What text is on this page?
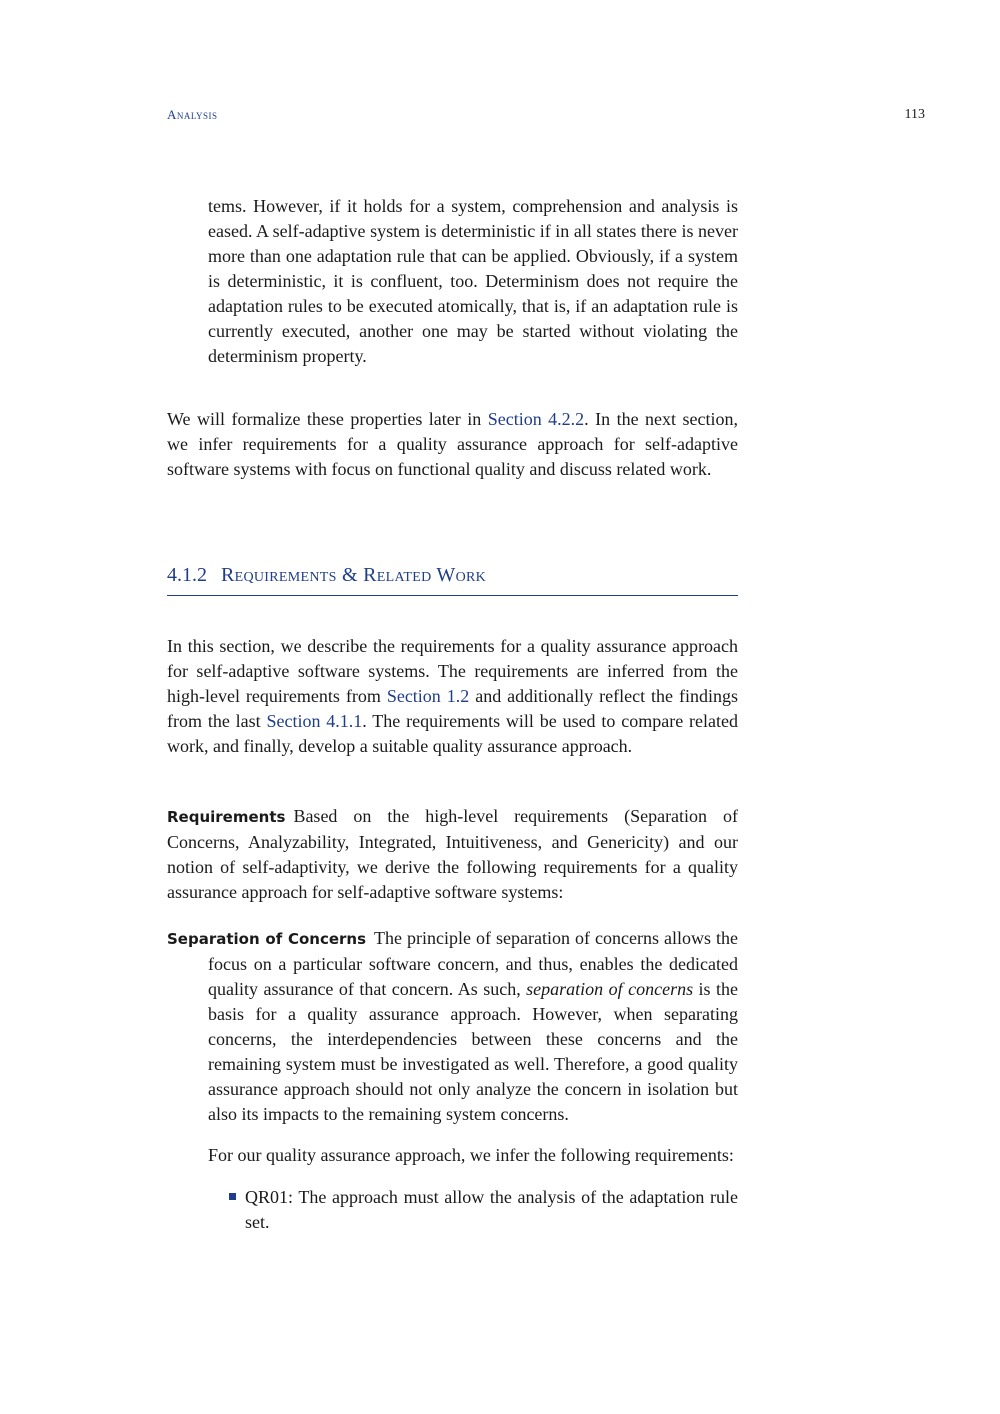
Analysis	113

tems. However, if it holds for a system, comprehension and analysis is eased. A self-adaptive system is deterministic if in all states there is never more than one adaptation rule that can be applied. Obviously, if a system is deterministic, it is confluent, too. Determinism does not require the adaptation rules to be executed atomically, that is, if an adaptation rule is currently executed, another one may be started without violating the determinism property.

We will formalize these properties later in Section 4.2.2. In the next section, we infer requirements for a quality assurance approach for self-adaptive software systems with focus on functional quality and discuss related work.

4.1.2 Requirements & Related Work

In this section, we describe the requirements for a quality assurance approach for self-adaptive software systems. The requirements are inferred from the high-level requirements from Section 1.2 and additionally reflect the findings from the last Section 4.1.1. The requirements will be used to compare related work, and finally, develop a suitable quality assurance approach.

Requirements Based on the high-level requirements (Separation of Concerns, Analyzability, Integrated, Intuitiveness, and Genericity) and our notion of self-adaptivity, we derive the following requirements for a quality assurance approach for self-adaptive software systems:

Separation of Concerns The principle of separation of concerns allows the focus on a particular software concern, and thus, enables the dedicated quality assurance of that concern. As such, separation of concerns is the basis for a quality assurance approach. However, when separating concerns, the interdependencies between these concerns and the remaining system must be investigated as well. Therefore, a good quality assurance approach should not only analyze the concern in isolation but also its impacts to the remaining system concerns.

For our quality assurance approach, we infer the following requirements:

QR01: The approach must allow the analysis of the adaptation rule set.
